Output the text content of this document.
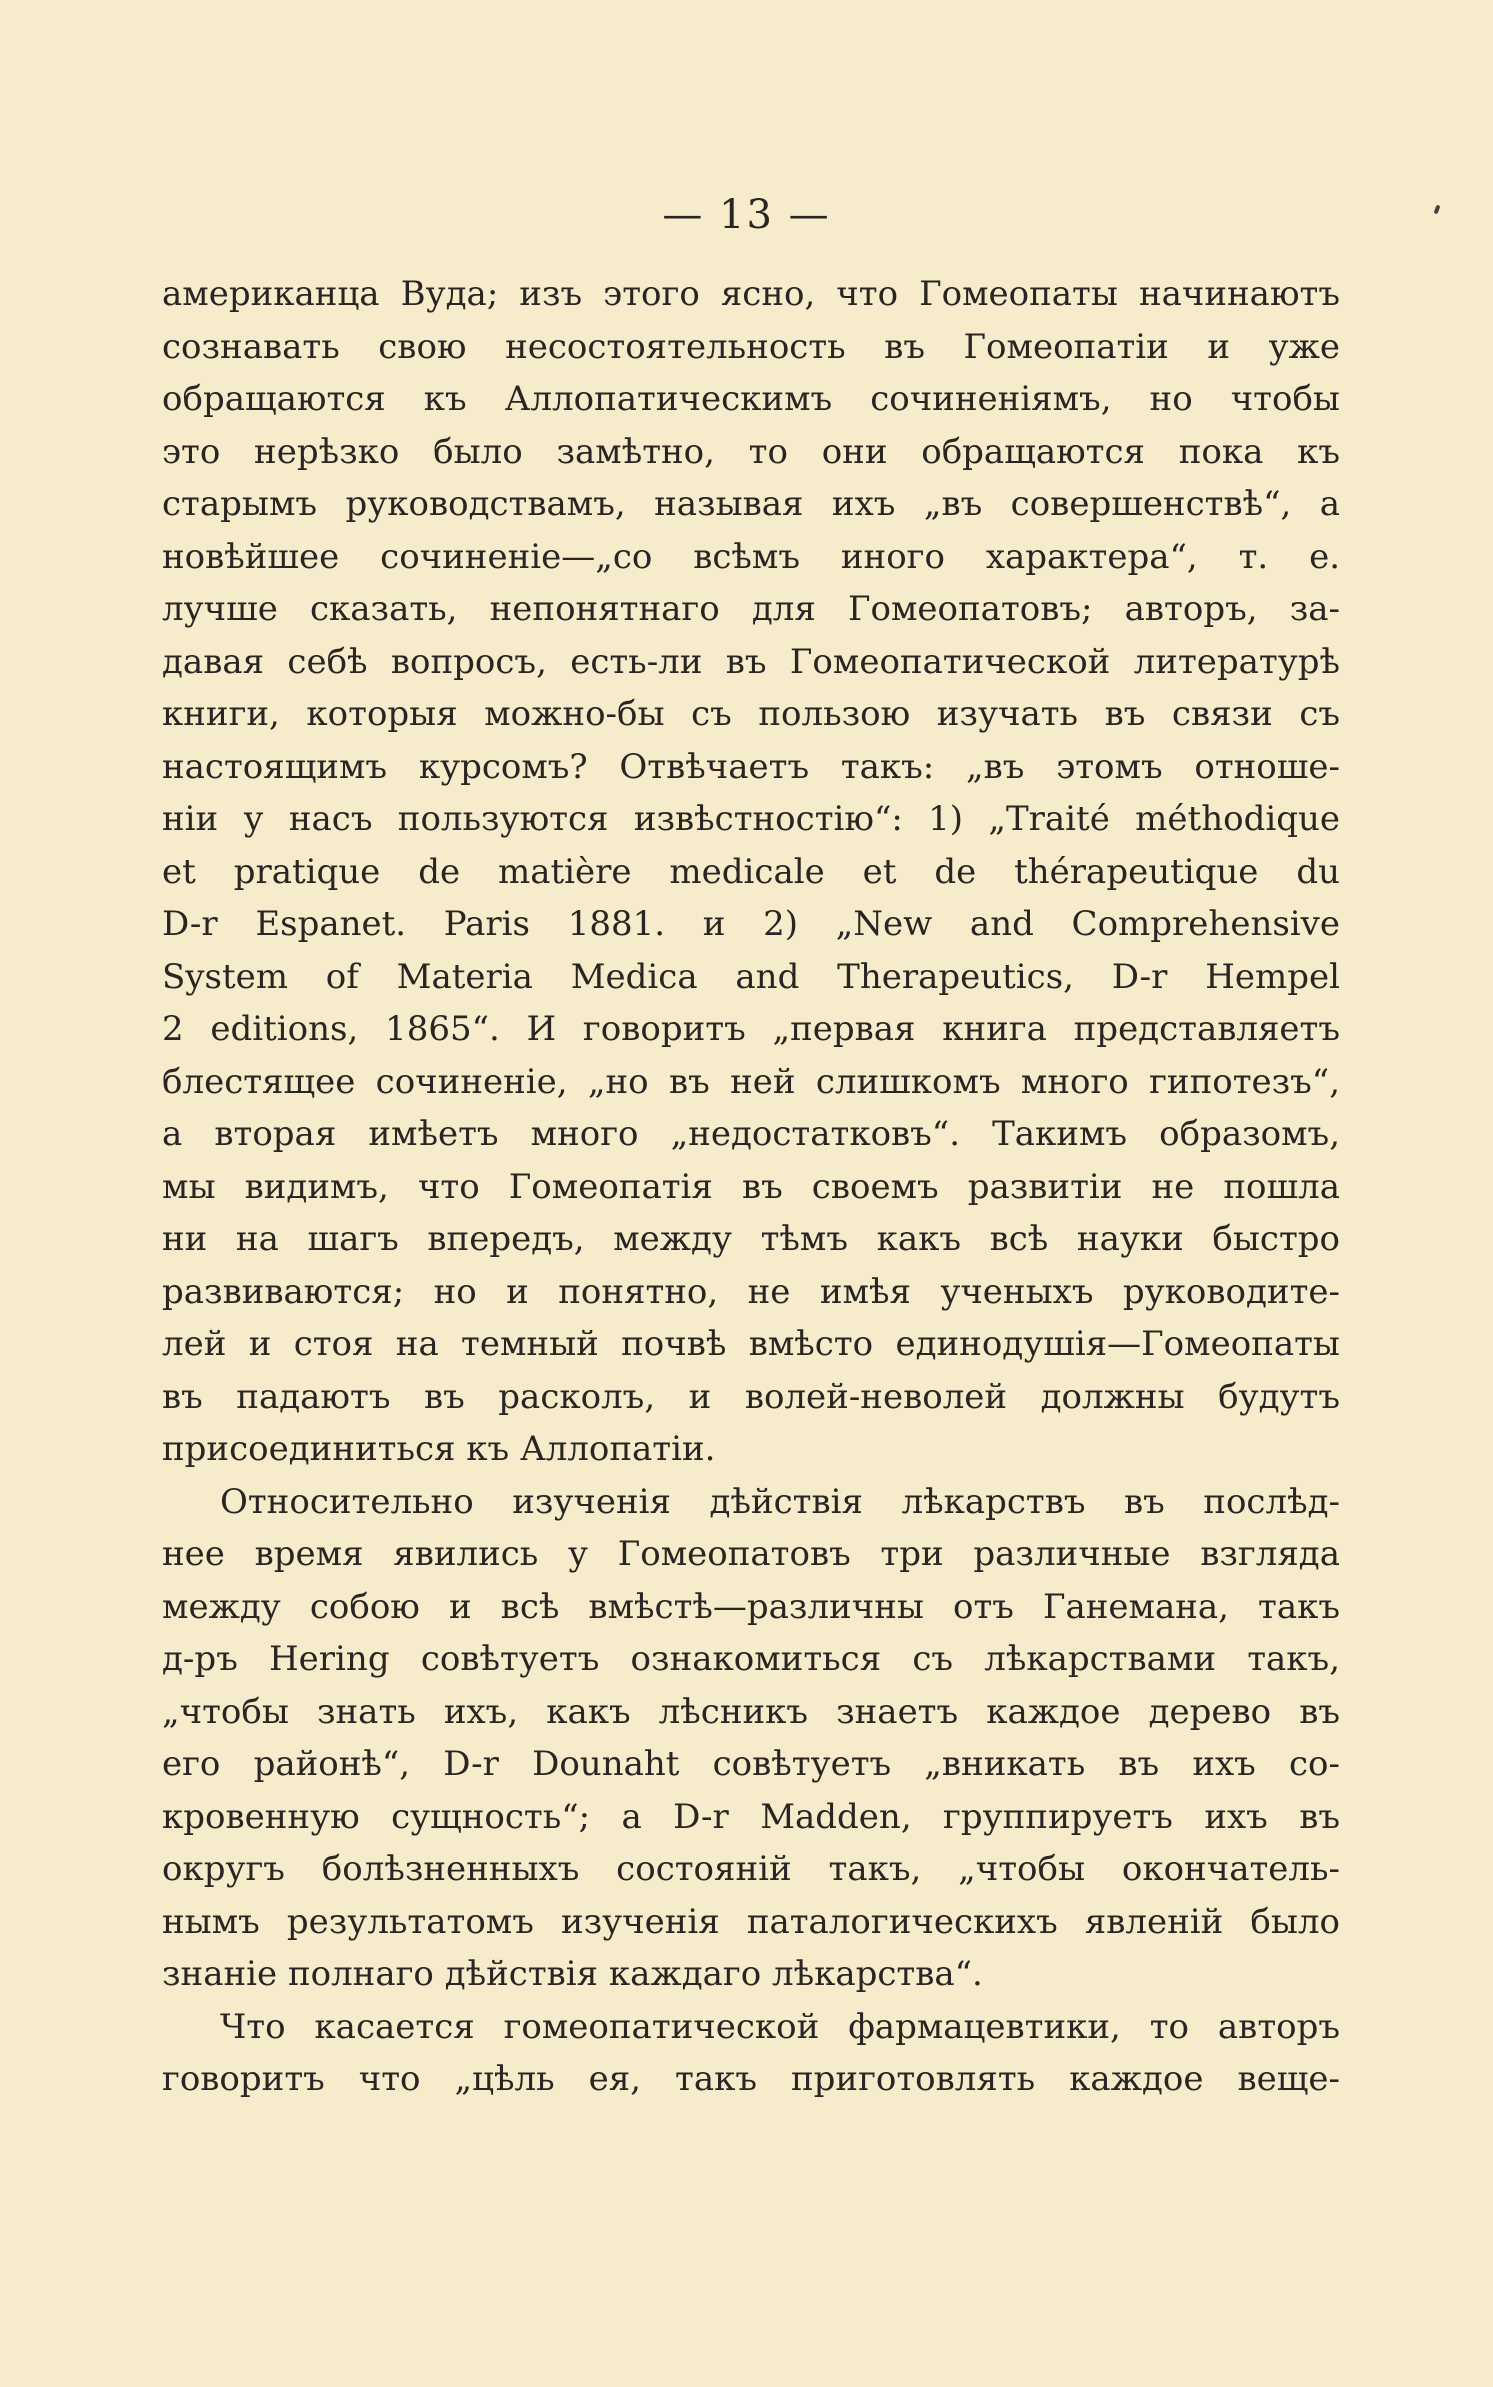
— 13 —
американца Вуда; изъ этого ясно, что Гомеопаты начинаютъ
сознавать свою несостоятельность въ Гомеопатіи и уже
обращаются къ Аллопатическимъ сочиненіямъ, но чтобы
это нерѣзко было замѣтно, то они обращаются пока къ
старымъ руководствамъ, называя ихъ „въ совершенствѣ“, а
новѣйшее сочиненіе—„со всѣмъ иного характера“, т. е.
лучше сказать, непонятнаго для Гомеопатовъ; авторъ, за-
давая себѣ вопросъ, есть-ли въ Гомеопатической литературѣ
книги, которыя можно-бы съ пользою изучать въ связи съ
настоящимъ курсомъ? Отвѣчаетъ такъ: „въ этомъ отноше-
ніи у насъ пользуются извѣстностію“: 1) „Traité méthodique
et pratique de matière medicale et de thérapeutique du
D-r Espanet. Paris 1881. и 2) „New and Comprehensive
System of Materia Medica and Therapeutics, D-r Hempel
2 editions, 1865“. И говоритъ „первая книга представляетъ
блестящее сочиненіе, „но въ ней слишкомъ много гипотезъ“,
а вторая имѣетъ много „недостатковъ“. Такимъ образомъ,
мы видимъ, что Гомеопатія въ своемъ развитіи не пошла
ни на шагъ впередъ, между тѣмъ какъ всѣ науки быстро
развиваются; но и понятно, не имѣя ученыхъ руководите-
лей и стоя на темный почвѣ вмѣсто единодушія—Гомеопаты
въ падаютъ въ расколъ, и волей-неволей должны будутъ
присоединиться къ Аллопатіи.
Относительно изученія дѣйствія лѣкарствъ въ послѣд-
нее время явились у Гомеопатовъ три различные взгляда
между собою и всѣ вмѣстѣ—различны отъ Ганемана, такъ
д-ръ Hering совѣтуетъ ознакомиться съ лѣкарствами такъ,
„чтобы знать ихъ, какъ лѣсникъ знаетъ каждое дерево въ
его районѣ“, D-r Dounaht совѣтуетъ „вникать въ ихъ со-
кровенную сущность“; а D-r Madden, группируетъ ихъ въ
округъ болѣзненныхъ состояній такъ, „чтобы окончатель-
нымъ результатомъ изученія паталогическихъ явленій было
знаніе полнаго дѣйствія каждаго лѣкарства“.
Что касается гомеопатической фармацевтики, то авторъ
говоритъ что „цѣль ея, такъ приготовлять каждое веще-
